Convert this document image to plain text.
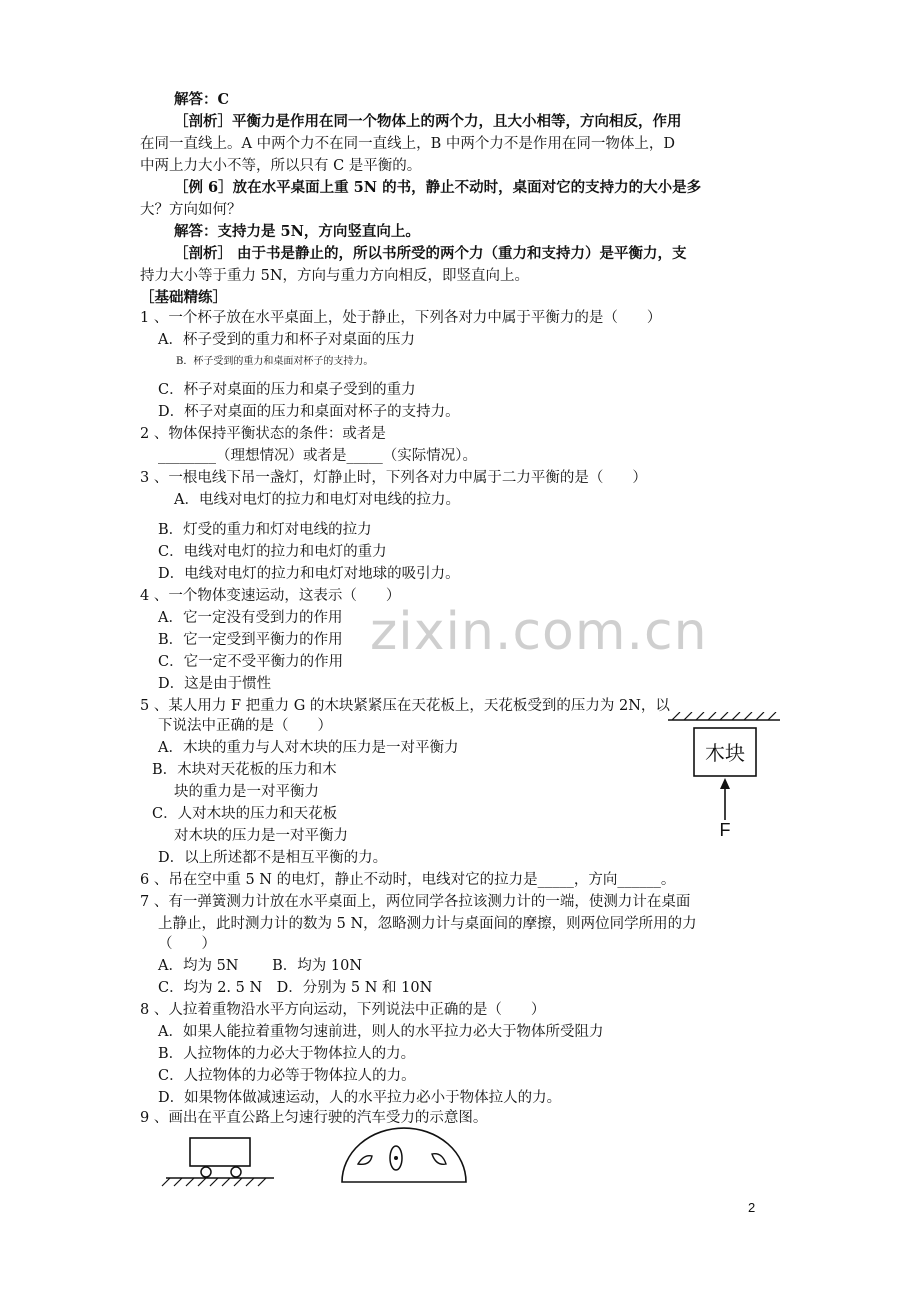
解答：C
［剖析］平衡力是作用在同一个物体上的两个力，且大小相等，方向相反，作用
在同一直线上。A 中两个力不在同一直线上，B 中两个力不是作用在同一物体上，D
中两上力大小不等，所以只有 C 是平衡的。
［例 6］放在水平桌面上重 5N 的书，静止不动时，桌面对它的支持力的大小是多
大？方向如何？
解答：支持力是 5N，方向竖直向上。
［剖析］ 由于书是静止的，所以书所受的两个力（重力和支持力）是平衡力，支
持力大小等于重力 5N，方向与重力方向相反，即竖直向上。
［基础精练］
1 、一个杯子放在水平桌面上，处于静止，下列各对力中属于平衡力的是（　　）
A．杯子受到的重力和杯子对桌面的压力
B．杯子受到的重力和桌面对杯子的支持力。
C．杯子对桌面的压力和桌子受到的重力
D．杯子对桌面的压力和桌面对杯子的支持力。
2 、物体保持平衡状态的条件：或者是
________（理想情况）或者是_____（实际情况）。
3 、一根电线下吊一盏灯，灯静止时，下列各对力中属于二力平衡的是（　　）
A．电线对电灯的拉力和电灯对电线的拉力。
B．灯受的重力和灯对电线的拉力
C．电线对电灯的拉力和电灯的重力
D．电线对电灯的拉力和电灯对地球的吸引力。
4 、一个物体变速运动，这表示（　　）
A．它一定没有受到力的作用
B．它一定受到平衡力的作用
C．它一定不受平衡力的作用
D．这是由于惯性
5 、某人用力 F 把重力 G 的木块紧紧压在天花板上，天花板受到的压力为 2N，以
下说法中正确的是（　　）
A．木块的重力与人对木块的压力是一对平衡力
B．木块对天花板的压力和木
块的重力是一对平衡力
C．人对木块的压力和天花板
对木块的压力是一对平衡力
D．以上所述都不是相互平衡的力。
6 、吊在空中重 5 N 的电灯，静止不动时，电线对它的拉力是_____，方向______。
7 、有一弹簧测力计放在水平桌面上，两位同学各拉该测力计的一端，使测力计在桌面
上静止，此时测力计的数为 5 N，忽略测力计与桌面间的摩擦，则两位同学所用的力
（　　）
A．均为 5N　　 B．均为 10N
C．均为 2. 5 N　D．分别为 5 N 和 10N
8 、人拉着重物沿水平方向运动，下列说法中正确的是（　　）
A．如果人能拉着重物匀速前进，则人的水平拉力必大于物体所受阻力
B．人拉物体的力必大于物体拉人的力。
C．人拉物体的力必等于物体拉人的力。
D．如果物体做减速运动，人的水平拉力必小于物体拉人的力。
9 、画出在平直公路上匀速行驶的汽车受力的示意图。
zixin.com.cn
木块
F
2
